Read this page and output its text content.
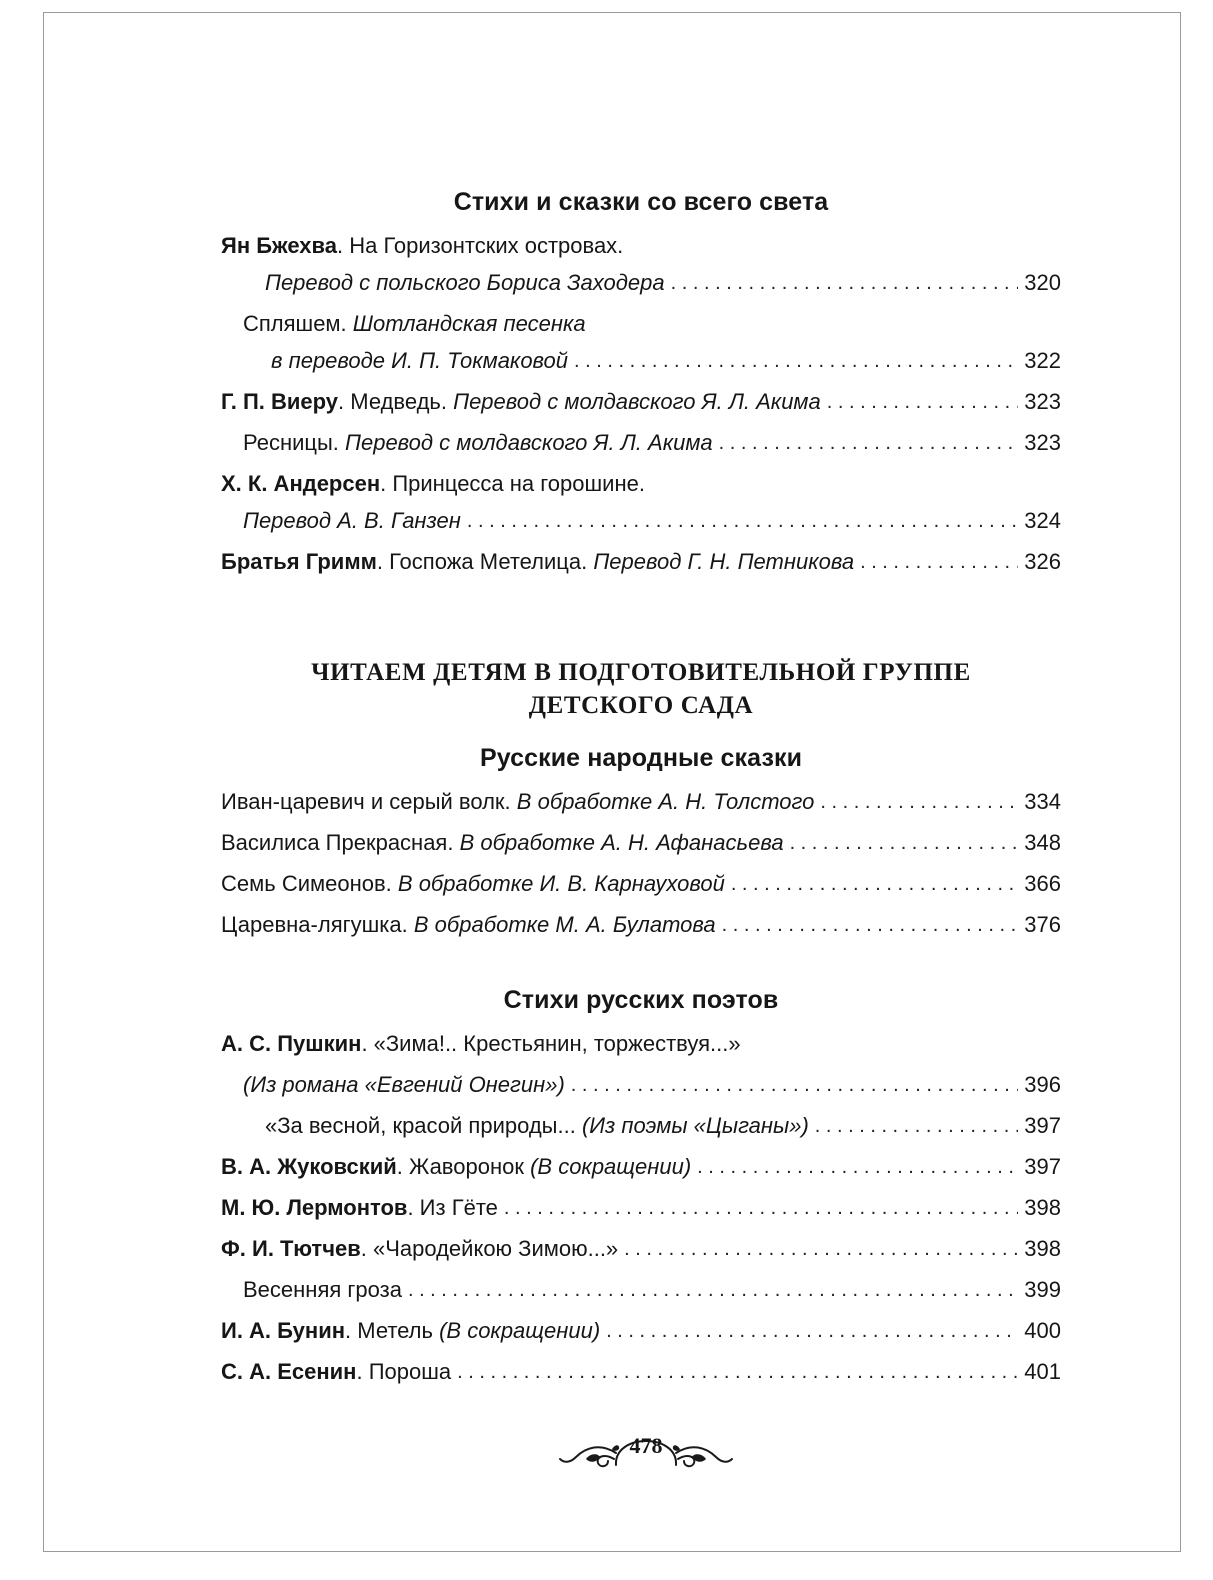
Стихи и сказки со всего света
Ян Бжехва. На Горизонтских островах.
Перевод с польского Бориса Заходера . . .	320
Спляшем. Шотландская песенка
в переводе И. П. Токмаковой . . .	322
Г. П. Виеру. Медведь. Перевод с молдавского Я. Л. Акима . . .	323
Ресницы. Перевод с молдавского Я. Л. Акима . . .	323
Х. К. Андерсен. Принцесса на горошине.
Перевод А. В. Ганзен . . .	324
Братья Гримм. Госпожа Метелица. Перевод Г. Н. Петникова . . .	326
ЧИТАЕМ ДЕТЯМ В ПОДГОТОВИТЕЛЬНОЙ ГРУППЕ
ДЕТСКОГО САДА
Русские народные сказки
Иван-царевич и серый волк. В обработке А. Н. Толстого . . .	334
Василиса Прекрасная. В обработке А. Н. Афанасьева . . .	348
Семь Симеонов. В обработке И. В. Карнауховой . . .	366
Царевна-лягушка. В обработке М. А. Булатова . . .	376
Стихи русских поэтов
А. С. Пушкин. «Зима!.. Крестьянин, торжествуя...»
(Из романа «Евгений Онегин») . . .	396
«За весной, красой природы... (Из поэмы «Цыганы») . . .	397
В. А. Жуковский. Жаворонок (В сокращении) . . .	397
М. Ю. Лермонтов. Из Гёте . . .	398
Ф. И. Тютчев. «Чародейкою Зимою...» . . .	398
Весенняя гроза . . .	399
И. А. Бунин. Метель (В сокращении) . . .	400
С. А. Есенин. Пороша . . .	401
478
